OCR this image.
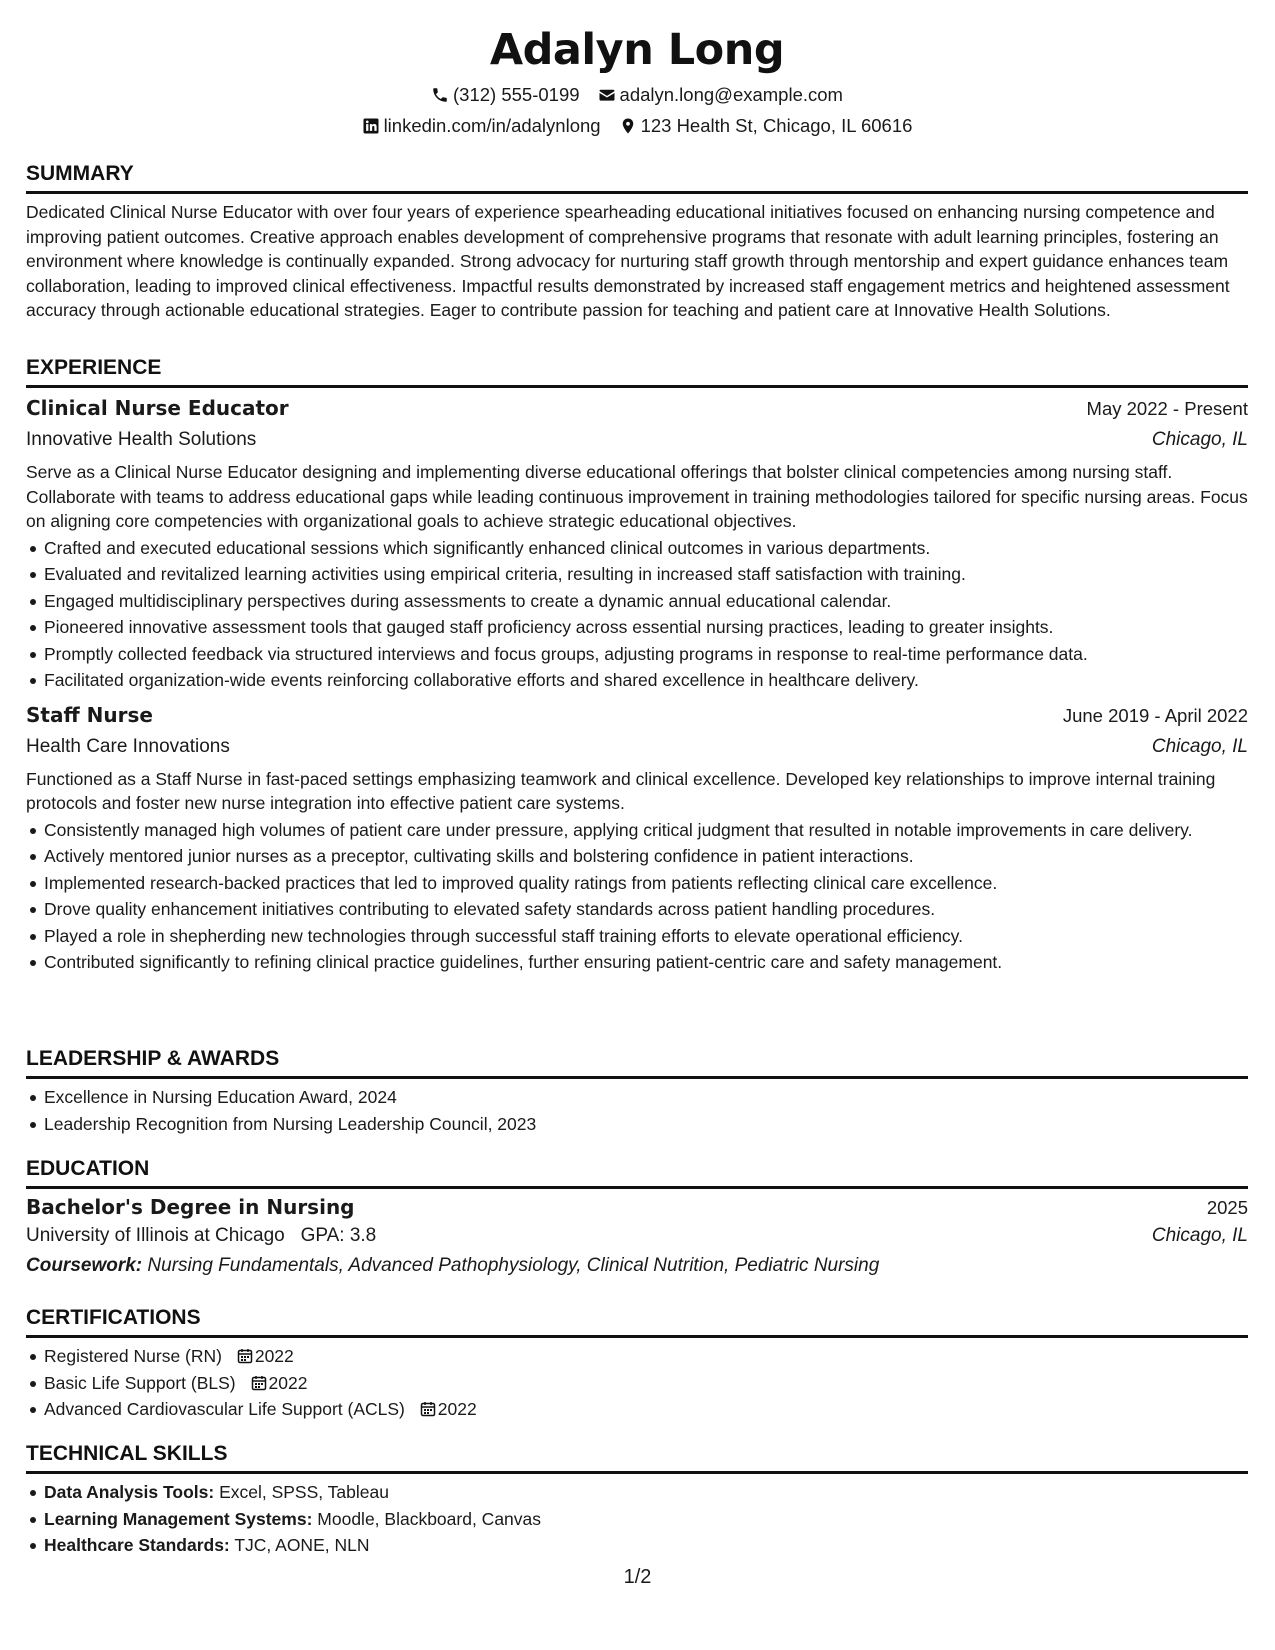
Adalyn Long
(312) 555-0199 adalyn.long@example.com
linkedin.com/in/adalynlong 123 Health St, Chicago, IL 60616
SUMMARY

Dedicated Clinical Nurse Educator with over four years of experience spearheading educational initiatives focused on enhancing nursing competence and improving patient outcomes. Creative approach enables development of comprehensive programs that resonate with adult learning principles, fostering an environment where knowledge is continually expanded. Strong advocacy for nurturing staff growth through mentorship and expert guidance enhances team collaboration, leading to improved clinical effectiveness. Impactful results demonstrated by increased staff engagement metrics and heightened assessment accuracy through actionable educational strategies. Eager to contribute passion for teaching and patient care at Innovative Health Solutions.

EXPERIENCE
Clinical Nurse Educator	May 2022 - Present
Innovative Health Solutions	Chicago, IL

Serve as a Clinical Nurse Educator designing and implementing diverse educational offerings that bolster clinical competencies among nursing staff. Collaborate with teams to address educational gaps while leading continuous improvement in training methodologies tailored for specific nursing areas. Focus on aligning core competencies with organizational goals to achieve strategic educational objectives.

Crafted and executed educational sessions which significantly enhanced clinical outcomes in various departments.
Evaluated and revitalized learning activities using empirical criteria, resulting in increased staff satisfaction with training.
Engaged multidisciplinary perspectives during assessments to create a dynamic annual educational calendar.
Pioneered innovative assessment tools that gauged staff proficiency across essential nursing practices, leading to greater insights.
Promptly collected feedback via structured interviews and focus groups, adjusting programs in response to real-time performance data.
Facilitated organization-wide events reinforcing collaborative efforts and shared excellence in healthcare delivery.
Staff Nurse	June 2019 - April 2022
Health Care Innovations	Chicago, IL

Functioned as a Staff Nurse in fast-paced settings emphasizing teamwork and clinical excellence. Developed key relationships to improve internal training protocols and foster new nurse integration into effective patient care systems.

Consistently managed high volumes of patient care under pressure, applying critical judgment that resulted in notable improvements in care delivery.
Actively mentored junior nurses as a preceptor, cultivating skills and bolstering confidence in patient interactions.
Implemented research-backed practices that led to improved quality ratings from patients reflecting clinical care excellence.
Drove quality enhancement initiatives contributing to elevated safety standards across patient handling procedures.
Played a role in shepherding new technologies through successful staff training efforts to elevate operational efficiency.
Contributed significantly to refining clinical practice guidelines, further ensuring patient-centric care and safety management.
LEADERSHIP & AWARDS
Excellence in Nursing Education Award, 2024
Leadership Recognition from Nursing Leadership Council, 2023
EDUCATION
Bachelor's Degree in Nursing	2025
University of Illinois at Chicago GPA: 3.8	Chicago, IL
Coursework: Nursing Fundamentals, Advanced Pathophysiology, Clinical Nutrition, Pediatric Nursing
CERTIFICATIONS
Registered Nurse (RN) 2022
Basic Life Support (BLS) 2022
Advanced Cardiovascular Life Support (ACLS) 2022
TECHNICAL SKILLS
Data Analysis Tools: Excel, SPSS, Tableau
Learning Management Systems: Moodle, Blackboard, Canvas
Healthcare Standards: TJC, AONE, NLN
1/2
